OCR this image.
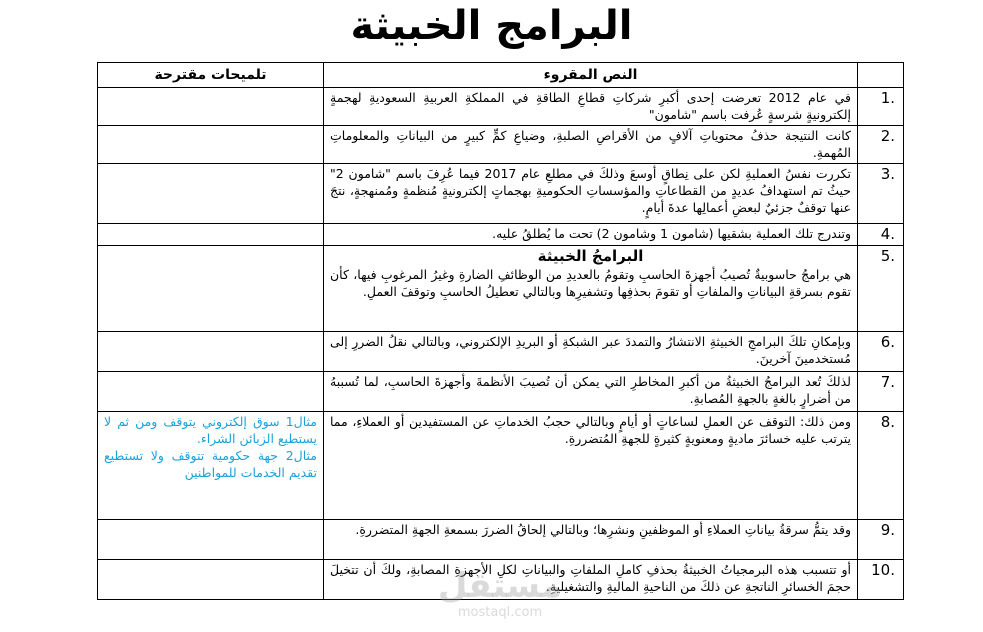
البرامج الخبيثة
	النص المقروء	تلميحات مقترحة
1.	في عام 2012 تعرضت إحدى أكبرِ شركاتِ قطاعِ الطاقةِ في المملكةِ العربيةِ السعوديةِ لهجمةٍ إلكترونيةٍ شرسةٍ عُرفت باسم "شامون"	
2.	كانت النتيجة حذفُ محتوياتِ آلافٍ من الأقراصِ الصلبةِ، وضياعِ كمٍّ كبيرٍ من البياناتِ والمعلوماتِ المُهمةِ.	
3.	تكررت نفسُ العمليةِ لكن على نِطاقٍ أوسعَ وذلكَ في مطلعِ عام 2017 فيما عُرِفَ باسم "شامون 2" حيثُ تم استهدافُ عديدٍ من القطاعاتِ والمؤسساتِ الحكوميةِ بهجماتٍ إلكترونيةٍ مُنظمةٍ ومُمنهجةٍ، نتجَ عنها توقفٌ جزئيٌ لبعضِ أعمالِها عدةَ أيامٍ.	
4.	وتندرج تلك العملية بشقيها (شامون 1 وشامون 2) تحت ما يُطلقُ عليه.	
5.	البرامجُ الخبيثة
هي برامجُ حاسوبيةٌ تُصيبُ أجهزةَ الحاسبِ وتقومُ بالعديدِ من الوظائفِ الضارةِ وغيرُ المرغوبِ فيها، كأن تقوم بسرقةِ البياناتِ والملفاتِ أو تقومَ بحذفِها وتشفيرِها وبالتالي تعطيلُ الحاسبِ وتوقفَ العملِ.	
6.	وبإمكانِ تلكَ البرامجِ الخبيثةِ الانتشارُ والتمددَ عبر الشبكةِ أو البريدِ الإلكتروني، وبالتالي نقلُ الضررِ إلى مُستخدمينَ آخرينَ.	
7.	لذلكَ تُعد البرامجُ الخبيثةُ من أكبرِ المخاطرِ التي يمكن أن تُصيبَ الأنظمةَ وأجهزةَ الحاسبِ، لما تُسببهُ من أضرارٍ بالغةٍ بالجهةِ المُصابةِ.	
8.	ومن ذلك: التوقف عن العملِ لساعاتٍ أو أيامٍ وبالتالي حجبُ الخدماتِ عن المستفيدين أو العملاءِ، مما يترتب عليه خسائرَ ماديةٍ ومعنويةٍ كثيرةٍ للجهةِ المُتضررةِ.	مثال1 سوق إلكتروني يتوقف ومن ثم لا يستطيع الزبائن الشراء.

مثال2 جهة حكومية تتوقف ولا تستطيع تقديم الخدمات للمواطنين

9.	وقد يتمُّ سرقةُ بياناتِ العملاءِ أو الموظفينِ ونشرِها؛ وبالتالي إلحاقُ الضررَ بسمعةِ الجهةِ المتضررةِ.	
10.	أو تتسبب هذه البرمجياتُ الخبيثةُ بحذفِ كاملِ الملفاتِ والبياناتِ لكلِ الأجهزةِ المصابةِ، ولكَ أن تتخيلَ حجمَ الخسائرِ الناتجةِ عن ذلكَ من الناحيةِ الماليةِ والتشغيليةِ.	
مستقل
mostaql.com
